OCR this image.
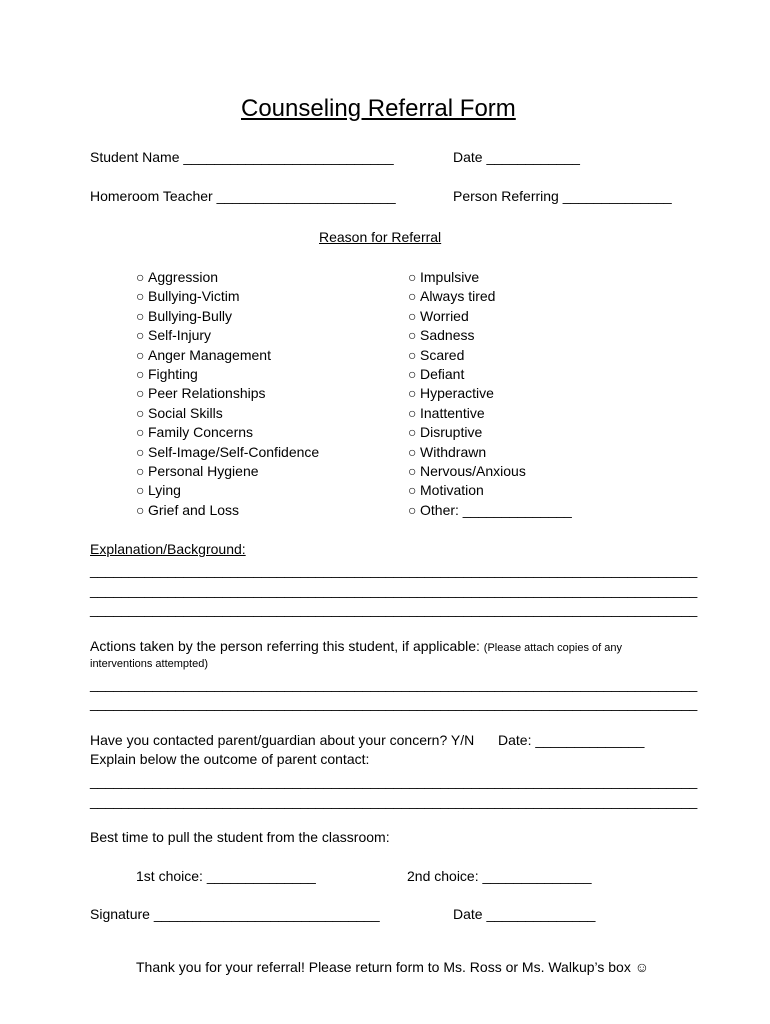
Counseling Referral Form
Student Name ___________________________	Date ____________
Homeroom Teacher _______________________	Person Referring ______________
Reason for Referral
○ Aggression
○ Bullying-Victim
○ Bullying-Bully
○ Self-Injury
○ Anger Management
○ Fighting
○ Peer Relationships
○ Social Skills
○ Family Concerns
○ Self-Image/Self-Confidence
○ Personal Hygiene
○ Lying
○ Grief and Loss
○ Impulsive
○ Always tired
○ Worried
○ Sadness
○ Scared
○ Defiant
○ Hyperactive
○ Inattentive
○ Disruptive
○ Withdrawn
○ Nervous/Anxious
○ Motivation
○ Other: ______________
Explanation/Background:
______________________________________________________________________________
______________________________________________________________________________
______________________________________________________________________________
Actions taken by the person referring this student, if applicable: (Please attach copies of any
interventions attempted)
______________________________________________________________________________
______________________________________________________________________________
Have you contacted parent/guardian about your concern? Y/N Date: ______________
Explain below the outcome of parent contact:
______________________________________________________________________________
______________________________________________________________________________
Best time to pull the student from the classroom:
1st choice: ______________	2nd choice: ______________
Signature _____________________________	Date ______________
Thank you for your referral! Please return form to Ms. Ross or Ms. Walkup’s box ☺
